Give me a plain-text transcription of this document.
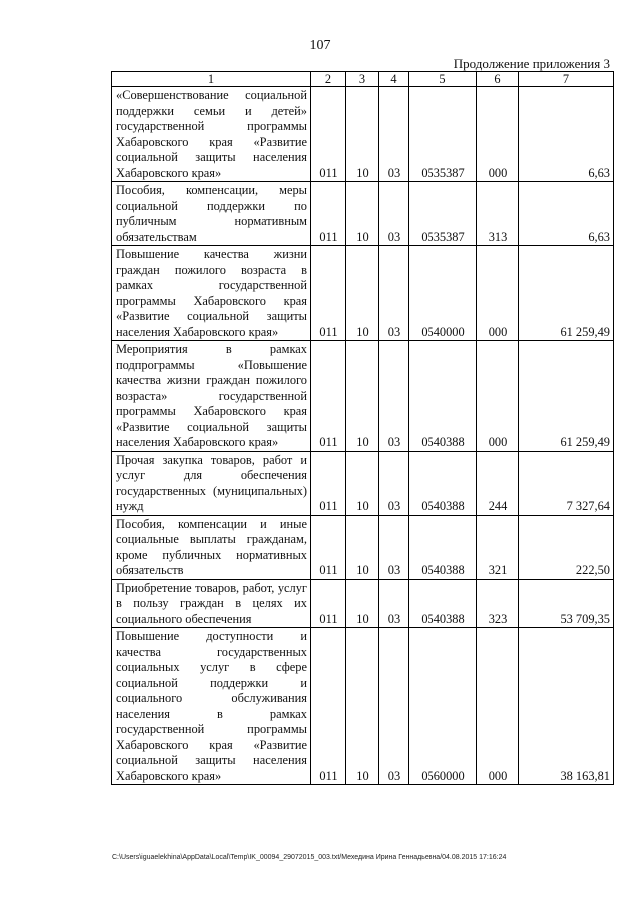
107
Продолжение приложения 3
1	2	3	4	5	6	7
«Совершенствование социальной поддержки семьи и детей» государственной программы Хабаровского края «Развитие социальной защиты населения Хабаровского края»	011	10	03	0535387	000	6,63
Пособия, компенсации, меры социальной поддержки по публичным нормативным обязательствам	011	10	03	0535387	313	6,63
Повышение качества жизни граждан пожилого возраста в рамках государственной программы Хабаровского края «Развитие социальной защиты населения Хабаровского края»	011	10	03	0540000	000	61 259,49
Мероприятия в рамках подпрограммы «Повышение качества жизни граждан пожилого возраста» государственной программы Хабаровского края «Развитие социальной защиты населения Хабаровского края»	011	10	03	0540388	000	61 259,49
Прочая закупка товаров, работ и услуг для обеспечения государственных (муниципальных) нужд	011	10	03	0540388	244	7 327,64
Пособия, компенсации и иные социальные выплаты гражданам, кроме публичных нормативных обязательств	011	10	03	0540388	321	222,50
Приобретение товаров, работ, услуг в пользу граждан в целях их социального обеспечения	011	10	03	0540388	323	53 709,35
Повышение доступности и качества государственных социальных услуг в сфере социальной поддержки и социального обслуживания населения в рамках государственной программы Хабаровского края «Развитие социальной защиты населения Хабаровского края»	011	10	03	0560000	000	38 163,81
C:\Users\iguaelekhina\AppData\Local\Temp\IK_00094_29072015_003.txt/Мехедина Ирина Геннадьевна/04.08.2015 17:16:24
